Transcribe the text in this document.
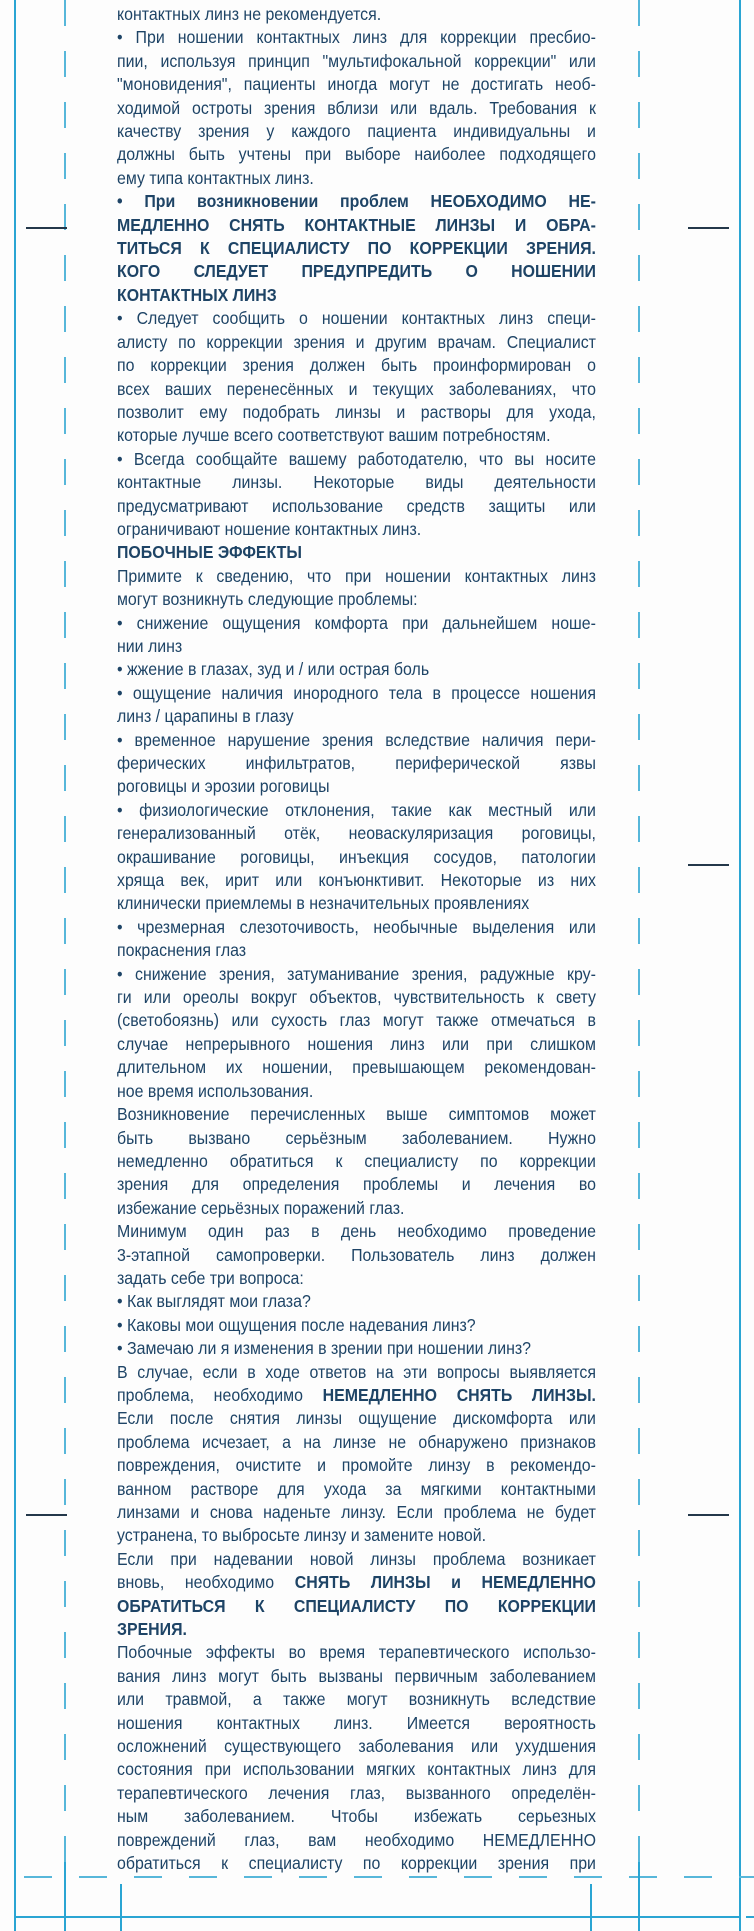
контактных линз не рекомендуется.
• При ношении контактных линз для коррекции пресбио-
пии, используя принцип "мультифокальной коррекции" или
"моновидения", пациенты иногда могут не достигать необ-
ходимой остроты зрения вблизи или вдаль. Требования к
качеству зрения у каждого пациента индивидуальны и
должны быть учтены при выборе наиболее подходящего
ему типа контактных линз.
• При возникновении проблем НЕОБХОДИМО НЕ-
МЕДЛЕННО СНЯТЬ КОНТАКТНЫЕ ЛИНЗЫ И ОБРА-
ТИТЬСЯ К СПЕЦИАЛИСТУ ПО КОРРЕКЦИИ ЗРЕНИЯ.
КОГО СЛЕДУЕТ ПРЕДУПРЕДИТЬ О НОШЕНИИ
КОНТАКТНЫХ ЛИНЗ
• Следует сообщить о ношении контактных линз специ-
алисту по коррекции зрения и другим врачам. Специалист
по коррекции зрения должен быть проинформирован о
всех ваших перенесённых и текущих заболеваниях, что
позволит ему подобрать линзы и растворы для ухода,
которые лучше всего соответствуют вашим потребностям.
• Всегда сообщайте вашему работодателю, что вы носите
контактные линзы. Некоторые виды деятельности
предусматривают использование средств защиты или
ограничивают ношение контактных линз.
ПОБОЧНЫЕ ЭФФЕКТЫ
Примите к сведению, что при ношении контактных линз
могут возникнуть следующие проблемы:
• снижение ощущения комфорта при дальнейшем ноше-
нии линз
• жжение в глазах, зуд и / или острая боль
• ощущение наличия инородного тела в процессе ношения
линз / царапины в глазу
• временное нарушение зрения вследствие наличия пери-
ферических инфильтратов, периферической язвы
роговицы и эрозии роговицы
• физиологические отклонения, такие как местный или
генерализованный отёк, неоваскуляризация роговицы,
окрашивание роговицы, инъекция сосудов, патологии
хряща век, ирит или конъюнктивит. Некоторые из них
клинически приемлемы в незначительных проявлениях
• чрезмерная слезоточивость, необычные выделения или
покраснения глаз
• снижение зрения, затуманивание зрения, радужные кру-
ги или ореолы вокруг объектов, чувствительность к свету
(светобоязнь) или сухость глаз могут также отмечаться в
случае непрерывного ношения линз или при слишком
длительном их ношении, превышающем рекомендован-
ное время использования.
Возникновение перечисленных выше симптомов может
быть вызвано серьёзным заболеванием. Нужно
немедленно обратиться к специалисту по коррекции
зрения для определения проблемы и лечения во
избежание серьёзных поражений глаз.
Минимум один раз в день необходимо проведение
3-этапной самопроверки. Пользователь линз должен
задать себе три вопроса:
• Как выглядят мои глаза?
• Каковы мои ощущения после надевания линз?
• Замечаю ли я изменения в зрении при ношении линз?
В случае, если в ходе ответов на эти вопросы выявляется
проблема, необходимо НЕМЕДЛЕННО СНЯТЬ ЛИНЗЫ.
Если после снятия линзы ощущение дискомфорта или
проблема исчезает, а на линзе не обнаружено признаков
повреждения, очистите и промойте линзу в рекомендо-
ванном растворе для ухода за мягкими контактными
линзами и снова наденьте линзу. Если проблема не будет
устранена, то выбросьте линзу и замените новой.
Если при надевании новой линзы проблема возникает
вновь, необходимо СНЯТЬ ЛИНЗЫ и НЕМЕДЛЕННО
ОБРАТИТЬСЯ К СПЕЦИАЛИСТУ ПО КОРРЕКЦИИ
ЗРЕНИЯ.
Побочные эффекты во время терапевтического использо-
вания линз могут быть вызваны первичным заболеванием
или травмой, а также могут возникнуть вследствие
ношения контактных линз. Имеется вероятность
осложнений существующего заболевания или ухудшения
состояния при использовании мягких контактных линз для
терапевтического лечения глаз, вызванного определён-
ным заболеванием. Чтобы избежать серьезных
повреждений глаз, вам необходимо НЕМЕДЛЕННО
обратиться к специалисту по коррекции зрения при
